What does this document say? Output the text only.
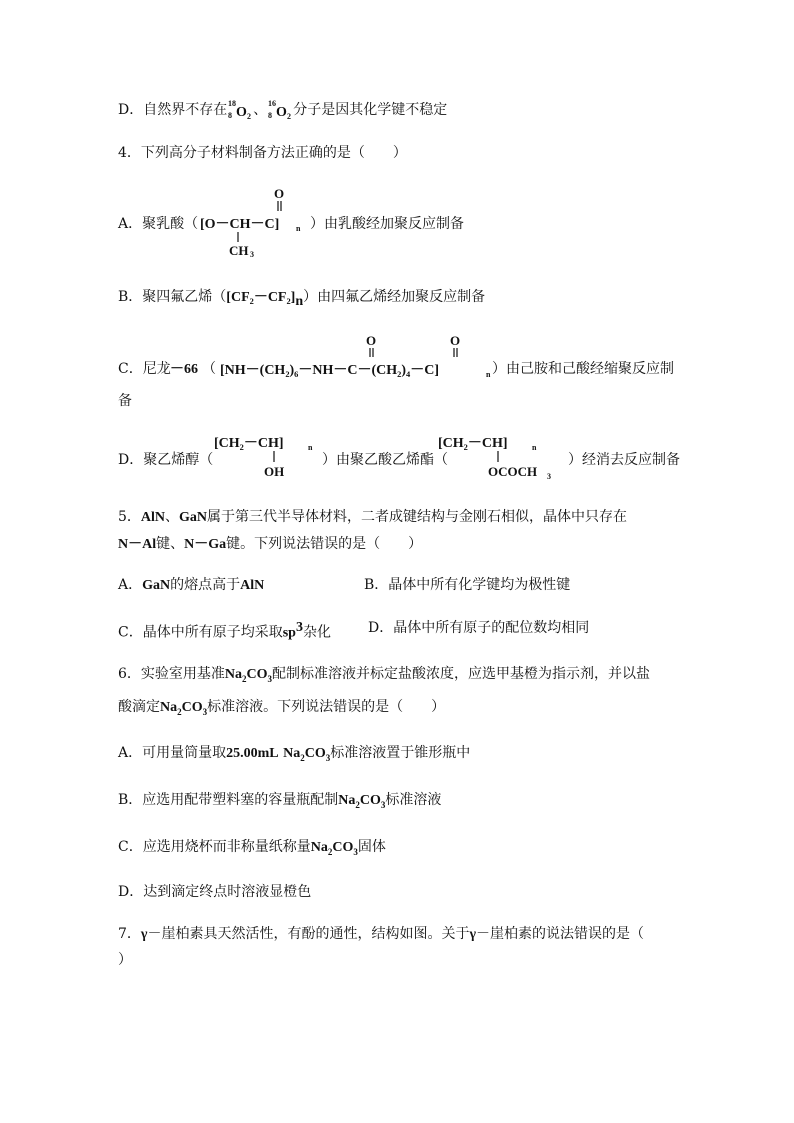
D．自然界不存在 18
8 O 2 、 16
8 O 2 分子是因其化学键不稳定
4．下列高分子材料制备方法正确的是（　　）
A．聚乳酸（
O
[O－CH－C] n
CH 3
）由乳酸经加聚反应制备
B．聚四氟乙烯$([CF_2-CF_2]_n)$由四氟乙烯经加聚反应制备
C．尼龙 －66 （
O	O
[NH－(CH₂)₆－NH－C－(CH₂)₄－C]	n ）由己胺和己酸经缩聚反应制
备
D．聚乙烯醇（
[CH₂－CH]	n
OH
）由聚乙酸乙烯酯（
[CH₂－CH]	n
OCOCH 3
）经消去反应制备
5．AlN、GaN属于第三代半导体材料，二者成键结构与金刚石相似，晶体中只存在
N－Al键、N－Ga键。下列说法错误的是（　　）
A．GaN的熔点高于AlN	B．晶体中所有化学键均为极性键
C．晶体中所有原子均采取$sp^3$杂化	D．晶体中所有原子的配位数均相同
6．实验室用基准$Na_2CO_3$配制标准溶液并标定盐酸浓度，应选甲基橙为指示剂，并以盐
酸滴定$Na_2CO_3$标准溶液。下列说法错误的是（　　）
A．可用量筒量取25.00mL $Na_2CO_3$标准溶液置于锥形瓶中
B．应选用配带塑料塞的容量瓶配制$Na_2CO_3$标准溶液
C．应选用烧杯而非称量纸称量$Na_2CO_3$固体
D．达到滴定终点时溶液显橙色
7．γ－崖柏素具天然活性，有酚的通性，结构如图。关于γ－崖柏素的说法错误的是（
）
